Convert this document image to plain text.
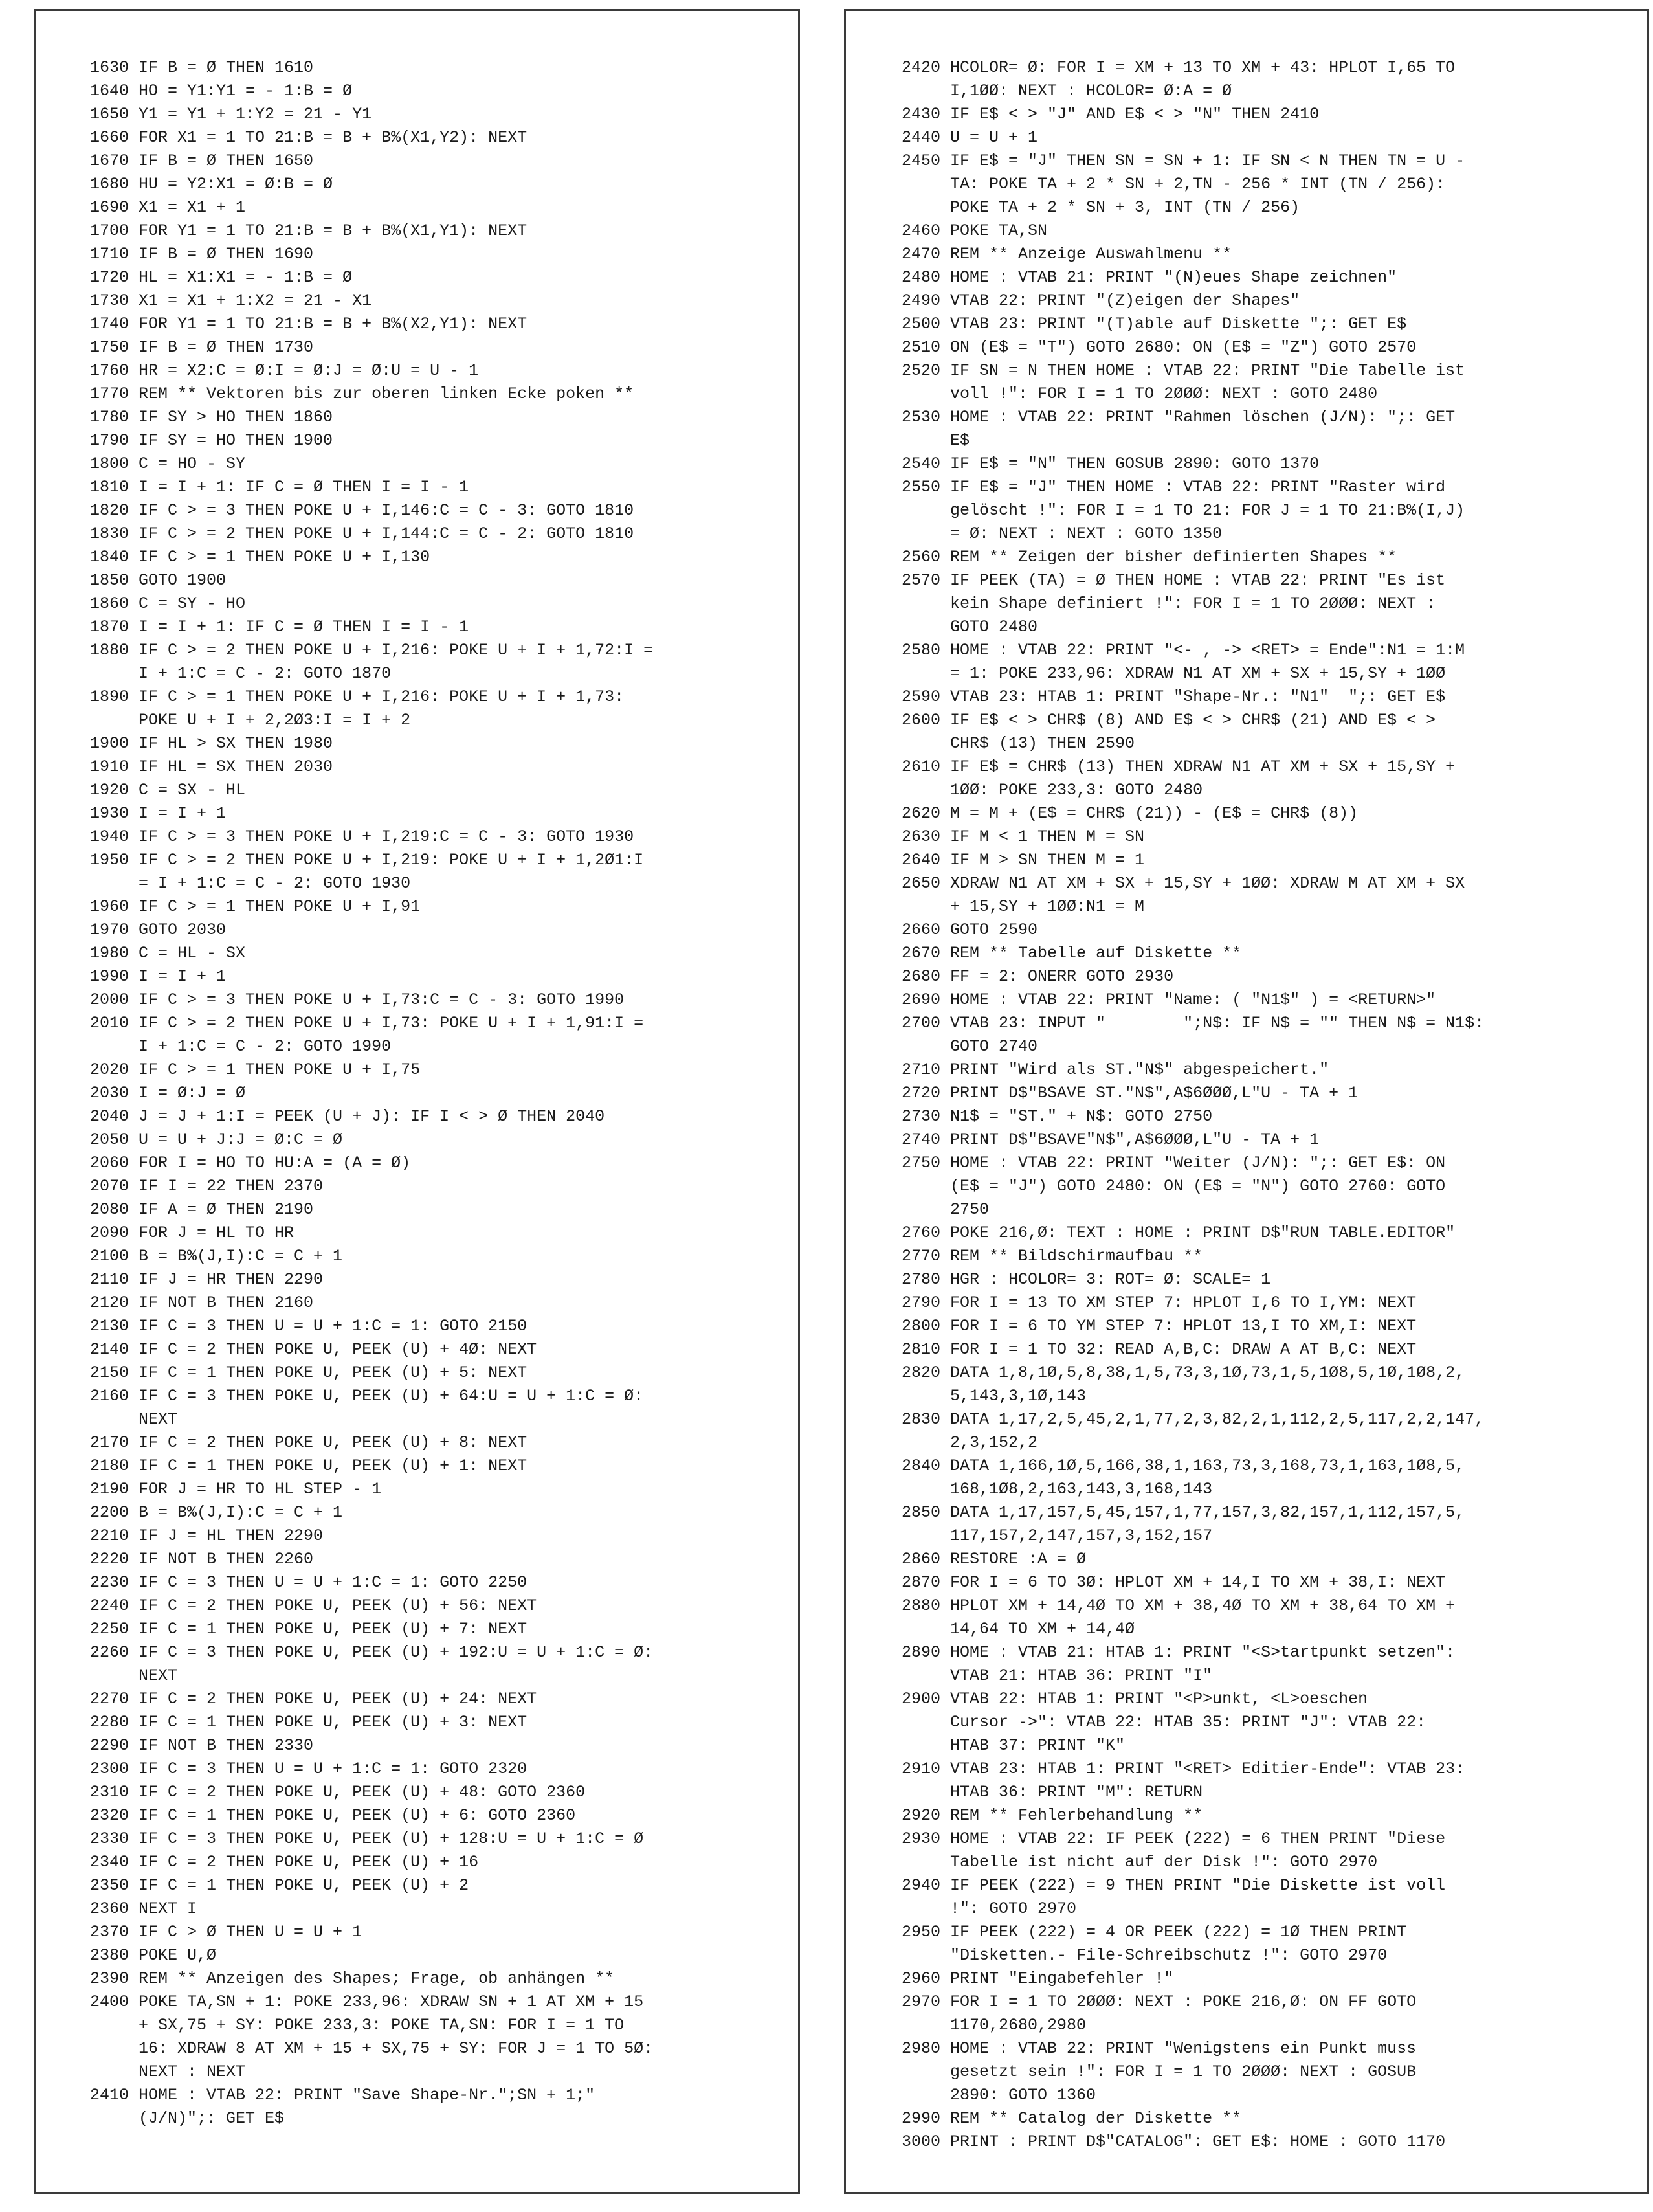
1630 IF B = Ø THEN 1610
1640 HO = Y1:Y1 = - 1:B = Ø
1650 Y1 = Y1 + 1:Y2 = 21 - Y1
1660 FOR X1 = 1 TO 21:B = B + B%(X1,Y2): NEXT
1670 IF B = Ø THEN 1650
1680 HU = Y2:X1 = Ø:B = Ø
1690 X1 = X1 + 1
1700 FOR Y1 = 1 TO 21:B = B + B%(X1,Y1): NEXT
1710 IF B = Ø THEN 1690
1720 HL = X1:X1 = - 1:B = Ø
1730 X1 = X1 + 1:X2 = 21 - X1
1740 FOR Y1 = 1 TO 21:B = B + B%(X2,Y1): NEXT
1750 IF B = Ø THEN 1730
1760 HR = X2:C = Ø:I = Ø:J = Ø:U = U - 1
1770 REM ** Vektoren bis zur oberen linken Ecke poken **
1780 IF SY > HO THEN 1860
1790 IF SY = HO THEN 1900
1800 C = HO - SY
1810 I = I + 1: IF C = Ø THEN I = I - 1
1820 IF C > = 3 THEN POKE U + I,146:C = C - 3: GOTO 1810
1830 IF C > = 2 THEN POKE U + I,144:C = C - 2: GOTO 1810
1840 IF C > = 1 THEN POKE U + I,130
1850 GOTO 1900
1860 C = SY - HO
1870 I = I + 1: IF C = Ø THEN I = I - 1
1880 IF C > = 2 THEN POKE U + I,216: POKE U + I + 1,72:I =
I + 1:C = C - 2: GOTO 1870
1890 IF C > = 1 THEN POKE U + I,216: POKE U + I + 1,73:
POKE U + I + 2,2Ø3:I = I + 2
1900 IF HL > SX THEN 1980
1910 IF HL = SX THEN 2030
1920 C = SX - HL
1930 I = I + 1
1940 IF C > = 3 THEN POKE U + I,219:C = C - 3: GOTO 1930
1950 IF C > = 2 THEN POKE U + I,219: POKE U + I + 1,2Ø1:I
= I + 1:C = C - 2: GOTO 1930
1960 IF C > = 1 THEN POKE U + I,91
1970 GOTO 2030
1980 C = HL - SX
1990 I = I + 1
2000 IF C > = 3 THEN POKE U + I,73:C = C - 3: GOTO 1990
2010 IF C > = 2 THEN POKE U + I,73: POKE U + I + 1,91:I =
I + 1:C = C - 2: GOTO 1990
2020 IF C > = 1 THEN POKE U + I,75
2030 I = Ø:J = Ø
2040 J = J + 1:I = PEEK (U + J): IF I < > Ø THEN 2040
2050 U = U + J:J = Ø:C = Ø
2060 FOR I = HO TO HU:A = (A = Ø)
2070 IF I = 22 THEN 2370
2080 IF A = Ø THEN 2190
2090 FOR J = HL TO HR
2100 B = B%(J,I):C = C + 1
2110 IF J = HR THEN 2290
2120 IF NOT B THEN 2160
2130 IF C = 3 THEN U = U + 1:C = 1: GOTO 2150
2140 IF C = 2 THEN POKE U, PEEK (U) + 4Ø: NEXT
2150 IF C = 1 THEN POKE U, PEEK (U) + 5: NEXT
2160 IF C = 3 THEN POKE U, PEEK (U) + 64:U = U + 1:C = Ø:
NEXT
2170 IF C = 2 THEN POKE U, PEEK (U) + 8: NEXT
2180 IF C = 1 THEN POKE U, PEEK (U) + 1: NEXT
2190 FOR J = HR TO HL STEP - 1
2200 B = B%(J,I):C = C + 1
2210 IF J = HL THEN 2290
2220 IF NOT B THEN 2260
2230 IF C = 3 THEN U = U + 1:C = 1: GOTO 2250
2240 IF C = 2 THEN POKE U, PEEK (U) + 56: NEXT
2250 IF C = 1 THEN POKE U, PEEK (U) + 7: NEXT
2260 IF C = 3 THEN POKE U, PEEK (U) + 192:U = U + 1:C = Ø:
NEXT
2270 IF C = 2 THEN POKE U, PEEK (U) + 24: NEXT
2280 IF C = 1 THEN POKE U, PEEK (U) + 3: NEXT
2290 IF NOT B THEN 2330
2300 IF C = 3 THEN U = U + 1:C = 1: GOTO 2320
2310 IF C = 2 THEN POKE U, PEEK (U) + 48: GOTO 2360
2320 IF C = 1 THEN POKE U, PEEK (U) + 6: GOTO 2360
2330 IF C = 3 THEN POKE U, PEEK (U) + 128:U = U + 1:C = Ø
2340 IF C = 2 THEN POKE U, PEEK (U) + 16
2350 IF C = 1 THEN POKE U, PEEK (U) + 2
2360 NEXT I
2370 IF C > Ø THEN U = U + 1
2380 POKE U,Ø
2390 REM ** Anzeigen des Shapes; Frage, ob anhängen **
2400 POKE TA,SN + 1: POKE 233,96: XDRAW SN + 1 AT XM + 15
+ SX,75 + SY: POKE 233,3: POKE TA,SN: FOR I = 1 TO
16: XDRAW 8 AT XM + 15 + SX,75 + SY: FOR J = 1 TO 5Ø:
NEXT : NEXT
2410 HOME : VTAB 22: PRINT "Save Shape-Nr.";SN + 1;"
(J/N)";: GET E$
2420 HCOLOR= Ø: FOR I = XM + 13 TO XM + 43: HPLOT I,65 TO
I,1ØØ: NEXT : HCOLOR= Ø:A = Ø
2430 IF E$ < > "J" AND E$ < > "N" THEN 2410
2440 U = U + 1
2450 IF E$ = "J" THEN SN = SN + 1: IF SN < N THEN TN = U -
TA: POKE TA + 2 * SN + 2,TN - 256 * INT (TN / 256):
POKE TA + 2 * SN + 3, INT (TN / 256)
2460 POKE TA,SN
2470 REM ** Anzeige Auswahlmenu **
2480 HOME : VTAB 21: PRINT "(N)eues Shape zeichnen"
2490 VTAB 22: PRINT "(Z)eigen der Shapes"
2500 VTAB 23: PRINT "(T)able auf Diskette ";: GET E$
2510 ON (E$ = "T") GOTO 2680: ON (E$ = "Z") GOTO 2570
2520 IF SN = N THEN HOME : VTAB 22: PRINT "Die Tabelle ist
voll !": FOR I = 1 TO 2ØØØ: NEXT : GOTO 2480
2530 HOME : VTAB 22: PRINT "Rahmen löschen (J/N): ";: GET
E$
2540 IF E$ = "N" THEN GOSUB 2890: GOTO 1370
2550 IF E$ = "J" THEN HOME : VTAB 22: PRINT "Raster wird
gelöscht !": FOR I = 1 TO 21: FOR J = 1 TO 21:B%(I,J)
= Ø: NEXT : NEXT : GOTO 1350
2560 REM ** Zeigen der bisher definierten Shapes **
2570 IF PEEK (TA) = Ø THEN HOME : VTAB 22: PRINT "Es ist
kein Shape definiert !": FOR I = 1 TO 2ØØØ: NEXT :
GOTO 2480
2580 HOME : VTAB 22: PRINT "<- , -> <RET> = Ende":N1 = 1:M
= 1: POKE 233,96: XDRAW N1 AT XM + SX + 15,SY + 1ØØ
2590 VTAB 23: HTAB 1: PRINT "Shape-Nr.: "N1"  ";: GET E$
2600 IF E$ < > CHR$ (8) AND E$ < > CHR$ (21) AND E$ < >
CHR$ (13) THEN 2590
2610 IF E$ = CHR$ (13) THEN XDRAW N1 AT XM + SX + 15,SY +
1ØØ: POKE 233,3: GOTO 2480
2620 M = M + (E$ = CHR$ (21)) - (E$ = CHR$ (8))
2630 IF M < 1 THEN M = SN
2640 IF M > SN THEN M = 1
2650 XDRAW N1 AT XM + SX + 15,SY + 1ØØ: XDRAW M AT XM + SX
+ 15,SY + 1ØØ:N1 = M
2660 GOTO 2590
2670 REM ** Tabelle auf Diskette **
2680 FF = 2: ONERR GOTO 2930
2690 HOME : VTAB 22: PRINT "Name: ( "N1$" ) = <RETURN>"
2700 VTAB 23: INPUT "        ";N$: IF N$ = "" THEN N$ = N1$:
GOTO 2740
2710 PRINT "Wird als ST."N$" abgespeichert."
2720 PRINT D$"BSAVE ST."N$",A$6ØØØ,L"U - TA + 1
2730 N1$ = "ST." + N$: GOTO 2750
2740 PRINT D$"BSAVE"N$",A$6ØØØ,L"U - TA + 1
2750 HOME : VTAB 22: PRINT "Weiter (J/N): ";: GET E$: ON
(E$ = "J") GOTO 2480: ON (E$ = "N") GOTO 2760: GOTO
2750
2760 POKE 216,Ø: TEXT : HOME : PRINT D$"RUN TABLE.EDITOR"
2770 REM ** Bildschirmaufbau **
2780 HGR : HCOLOR= 3: ROT= Ø: SCALE= 1
2790 FOR I = 13 TO XM STEP 7: HPLOT I,6 TO I,YM: NEXT
2800 FOR I = 6 TO YM STEP 7: HPLOT 13,I TO XM,I: NEXT
2810 FOR I = 1 TO 32: READ A,B,C: DRAW A AT B,C: NEXT
2820 DATA 1,8,1Ø,5,8,38,1,5,73,3,1Ø,73,1,5,1Ø8,5,1Ø,1Ø8,2,
5,143,3,1Ø,143
2830 DATA 1,17,2,5,45,2,1,77,2,3,82,2,1,112,2,5,117,2,2,147,
2,3,152,2
2840 DATA 1,166,1Ø,5,166,38,1,163,73,3,168,73,1,163,1Ø8,5,
168,1Ø8,2,163,143,3,168,143
2850 DATA 1,17,157,5,45,157,1,77,157,3,82,157,1,112,157,5,
117,157,2,147,157,3,152,157
2860 RESTORE :A = Ø
2870 FOR I = 6 TO 3Ø: HPLOT XM + 14,I TO XM + 38,I: NEXT
2880 HPLOT XM + 14,4Ø TO XM + 38,4Ø TO XM + 38,64 TO XM +
14,64 TO XM + 14,4Ø
2890 HOME : VTAB 21: HTAB 1: PRINT "<S>tartpunkt setzen":
VTAB 21: HTAB 36: PRINT "I"
2900 VTAB 22: HTAB 1: PRINT "<P>unkt, <L>oeschen
Cursor ->": VTAB 22: HTAB 35: PRINT "J": VTAB 22:
HTAB 37: PRINT "K"
2910 VTAB 23: HTAB 1: PRINT "<RET> Editier-Ende": VTAB 23:
HTAB 36: PRINT "M": RETURN
2920 REM ** Fehlerbehandlung **
2930 HOME : VTAB 22: IF PEEK (222) = 6 THEN PRINT "Diese
Tabelle ist nicht auf der Disk !": GOTO 2970
2940 IF PEEK (222) = 9 THEN PRINT "Die Diskette ist voll
!": GOTO 2970
2950 IF PEEK (222) = 4 OR PEEK (222) = 1Ø THEN PRINT
"Disketten.- File-Schreibschutz !": GOTO 2970
2960 PRINT "Eingabefehler !"
2970 FOR I = 1 TO 2ØØØ: NEXT : POKE 216,Ø: ON FF GOTO
1170,2680,2980
2980 HOME : VTAB 22: PRINT "Wenigstens ein Punkt muss
gesetzt sein !": FOR I = 1 TO 2ØØØ: NEXT : GOSUB
2890: GOTO 1360
2990 REM ** Catalog der Diskette **
3000 PRINT : PRINT D$"CATALOG": GET E$: HOME : GOTO 1170
